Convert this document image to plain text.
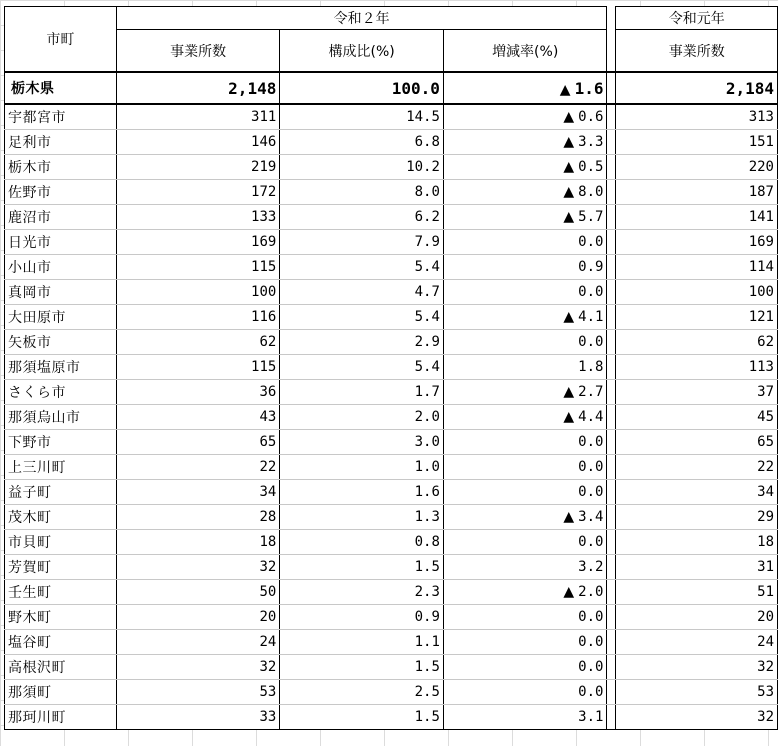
市町	令和２年				令和元年
	事業所数	構成比(%)	増減率(%)		事業所数
栃木県	2,148	100.0	▲ 1.6		2,184
宇都宮市	311	14.5	▲ 0.6		313
足利市	146	6.8	▲ 3.3		151
栃木市	219	10.2	▲ 0.5		220
佐野市	172	8.0	▲ 8.0		187
鹿沼市	133	6.2	▲ 5.7		141
日光市	169	7.9	0.0		169
小山市	115	5.4	0.9		114
真岡市	100	4.7	0.0		100
大田原市	116	5.4	▲ 4.1		121
矢板市	62	2.9	0.0		62
那須塩原市	115	5.4	1.8		113
さくら市	36	1.7	▲ 2.7		37
那須烏山市	43	2.0	▲ 4.4		45
下野市	65	3.0	0.0		65
上三川町	22	1.0	0.0		22
益子町	34	1.6	0.0		34
茂木町	28	1.3	▲ 3.4		29
市貝町	18	0.8	0.0		18
芳賀町	32	1.5	3.2		31
壬生町	50	2.3	▲ 2.0		51
野木町	20	0.9	0.0		20
塩谷町	24	1.1	0.0		24
高根沢町	32	1.5	0.0		32
那須町	53	2.5	0.0		53
那珂川町	33	1.5	3.1		32
